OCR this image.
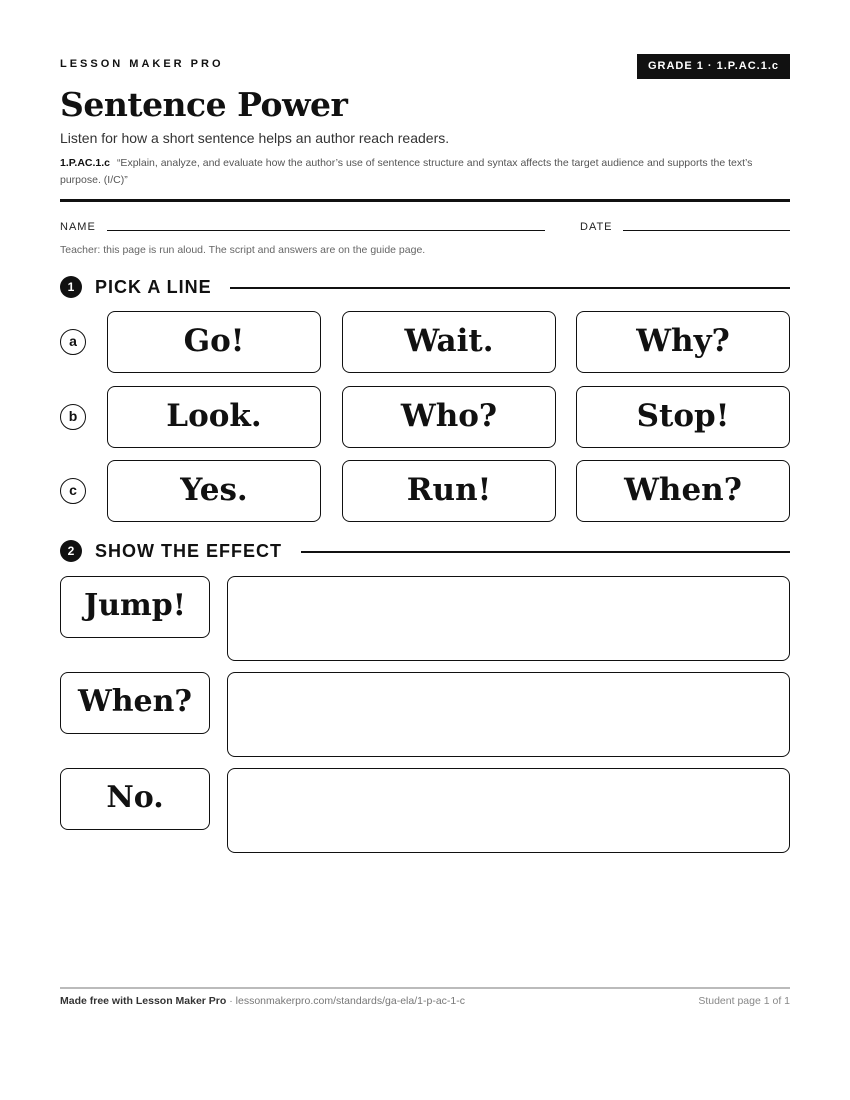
LESSON MAKER PRO	GRADE 1 · 1.P.AC.1.c
Sentence Power
Listen for how a short sentence helps an author reach readers.
1.P.AC.1.c “Explain, analyze, and evaluate how the author’s use of sentence structure and syntax affects the target audience and supports the text’s purpose. (I/C)”
NAME	DATE
Teacher: this page is run aloud. The script and answers are on the guide page.
1	PICK A LINE
a	Go!	Wait.	Why?
b	Look.	Who?	Stop!
c	Yes.	Run!	When?
2	SHOW THE EFFECT
Jump!
When?
No.
Made free with Lesson Maker Pro · lessonmakerpro.com/standards/ga-ela/1-p-ac-1-c	Student page 1 of 1
